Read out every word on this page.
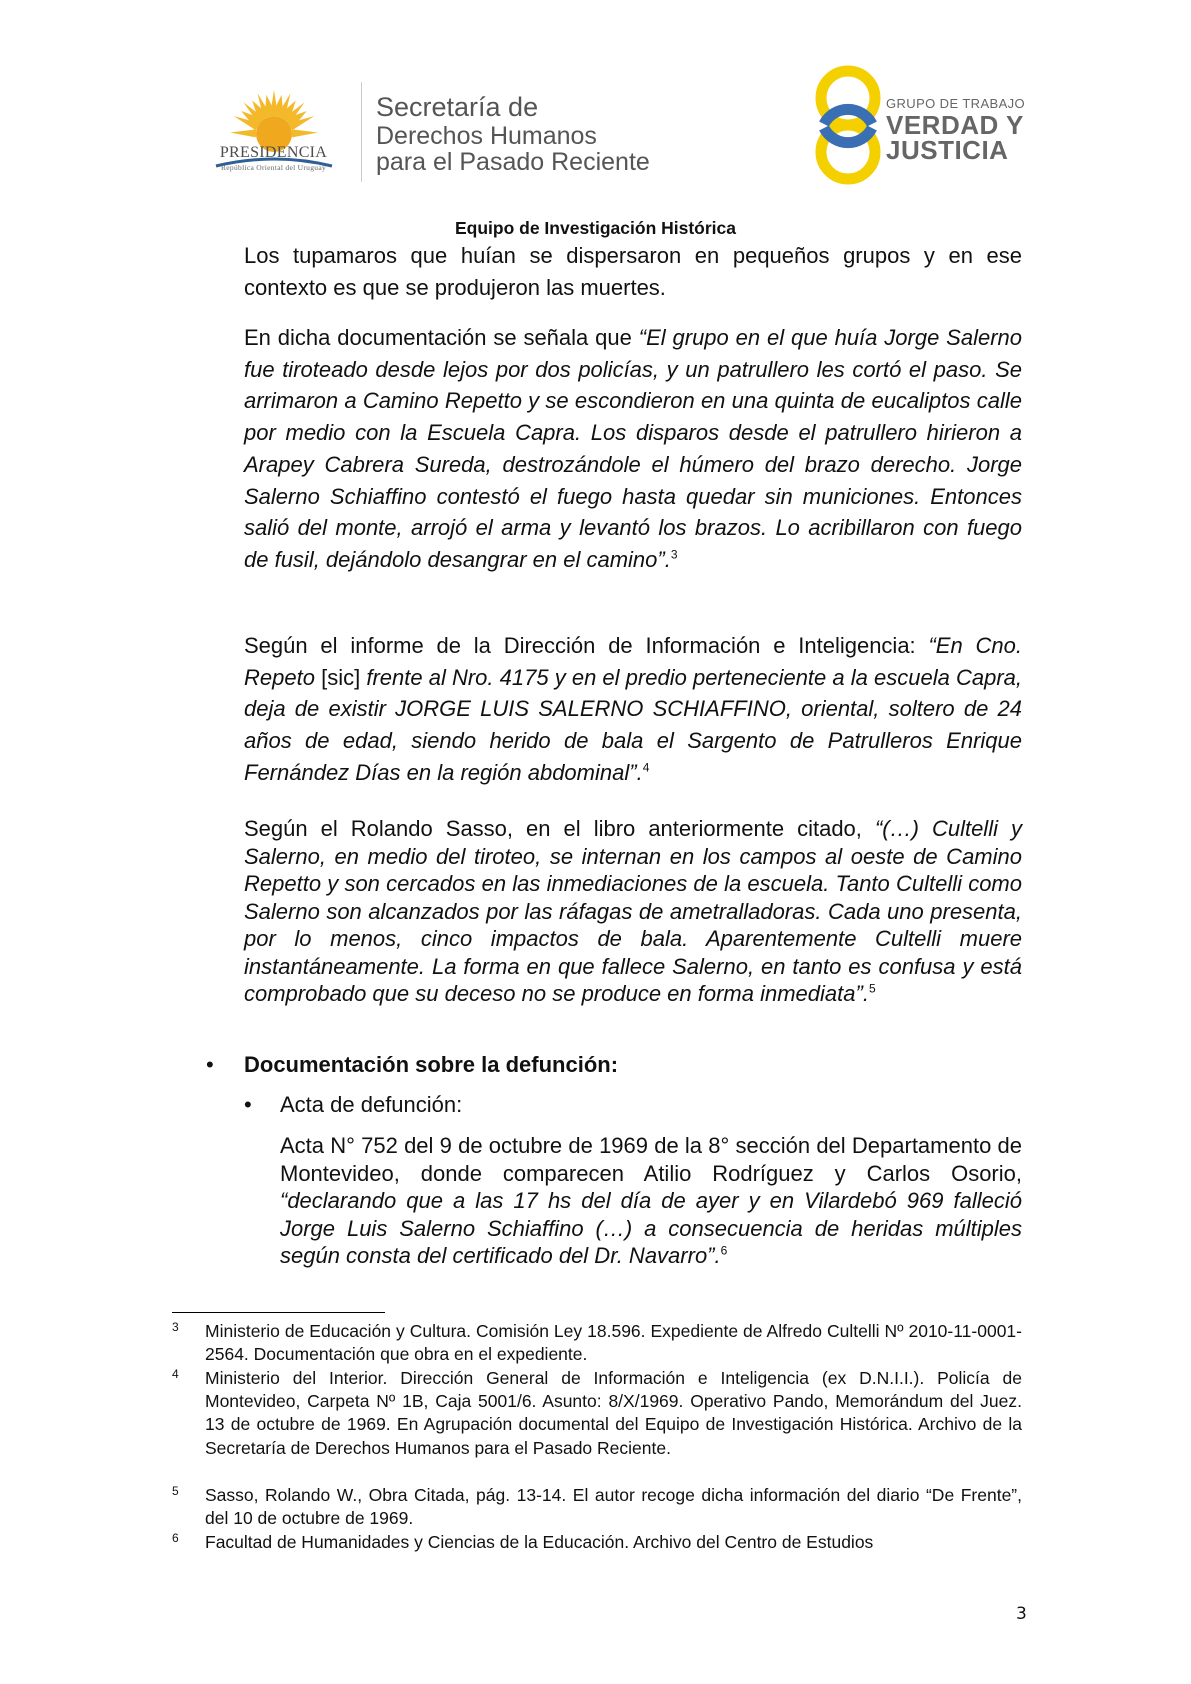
PRESIDENCIA
República Oriental del Uruguay
Secretaría de
Derechos Humanos
para el Pasado Reciente
GRUPO DE TRABAJO
VERDAD Y
JUSTICIA
Equipo de Investigación Histórica
Los tupamaros que huían se dispersaron en pequeños grupos y en ese contexto es que se produjeron las muertes.
En dicha documentación se señala que “El grupo en el que huía Jorge Salerno fue tiroteado desde lejos por dos policías, y un patrullero les cortó el paso. Se arrimaron a Camino Repetto y se escondieron en una quinta de eucaliptos calle por medio con la Escuela Capra. Los disparos desde el patrullero hirieron a Arapey Cabrera Sureda, destrozándole el húmero del brazo derecho. Jorge Salerno Schiaffino contestó el fuego hasta quedar sin municiones. Entonces salió del monte, arrojó el arma y levantó los brazos. Lo acribillaron con fuego de fusil, dejándolo desangrar en el camino”.$^3$
Según el informe de la Dirección de Información e Inteligencia: “En Cno. Repeto [sic] frente al Nro. 4175 y en el predio perteneciente a la escuela Capra, deja de existir JORGE LUIS SALERNO SCHIAFFINO, oriental, soltero de 24 años de edad, siendo herido de bala el Sargento de Patrulleros Enrique Fernández Días en la región abdominal”.$^4$
Según el Rolando Sasso, en el libro anteriormente citado, “(…) Cultelli y Salerno, en medio del tiroteo, se internan en los campos al oeste de Camino Repetto y son cercados en las inmediaciones de la escuela. Tanto Cultelli como Salerno son alcanzados por las ráfagas de ametralladoras. Cada uno presenta, por lo menos, cinco impactos de bala. Aparentemente Cultelli muere instantáneamente. La forma en que fallece Salerno, en tanto es confusa y está comprobado que su deceso no se produce en forma inmediata”.$^5$
• Documentación sobre la defunción:
• Acta de defunción:
Acta N° 752 del 9 de octubre de 1969 de la 8° sección del Departamento de Montevideo, donde comparecen Atilio Rodríguez y Carlos Osorio, “declarando que a las 17 hs del día de ayer y en Vilardebó 969 falleció Jorge Luis Salerno Schiaffino (…) a consecuencia de heridas múltiples según consta del certificado del Dr. Navarro”.$^6$
3 Ministerio de Educación y Cultura. Comisión Ley 18.596. Expediente de Alfredo Cultelli Nº 2010-11-0001-2564. Documentación que obra en el expediente.
4 Ministerio del Interior. Dirección General de Información e Inteligencia (ex D.N.I.I.). Policía de Montevideo, Carpeta Nº 1B, Caja 5001/6. Asunto: 8/X/1969. Operativo Pando, Memorándum del Juez. 13 de octubre de 1969. En Agrupación documental del Equipo de Investigación Histórica. Archivo de la Secretaría de Derechos Humanos para el Pasado Reciente.
5 Sasso, Rolando W., Obra Citada, pág. 13-14. El autor recoge dicha información del diario “De Frente”, del 10 de octubre de 1969.
6 Facultad de Humanidades y Ciencias de la Educación. Archivo del Centro de Estudios
3
